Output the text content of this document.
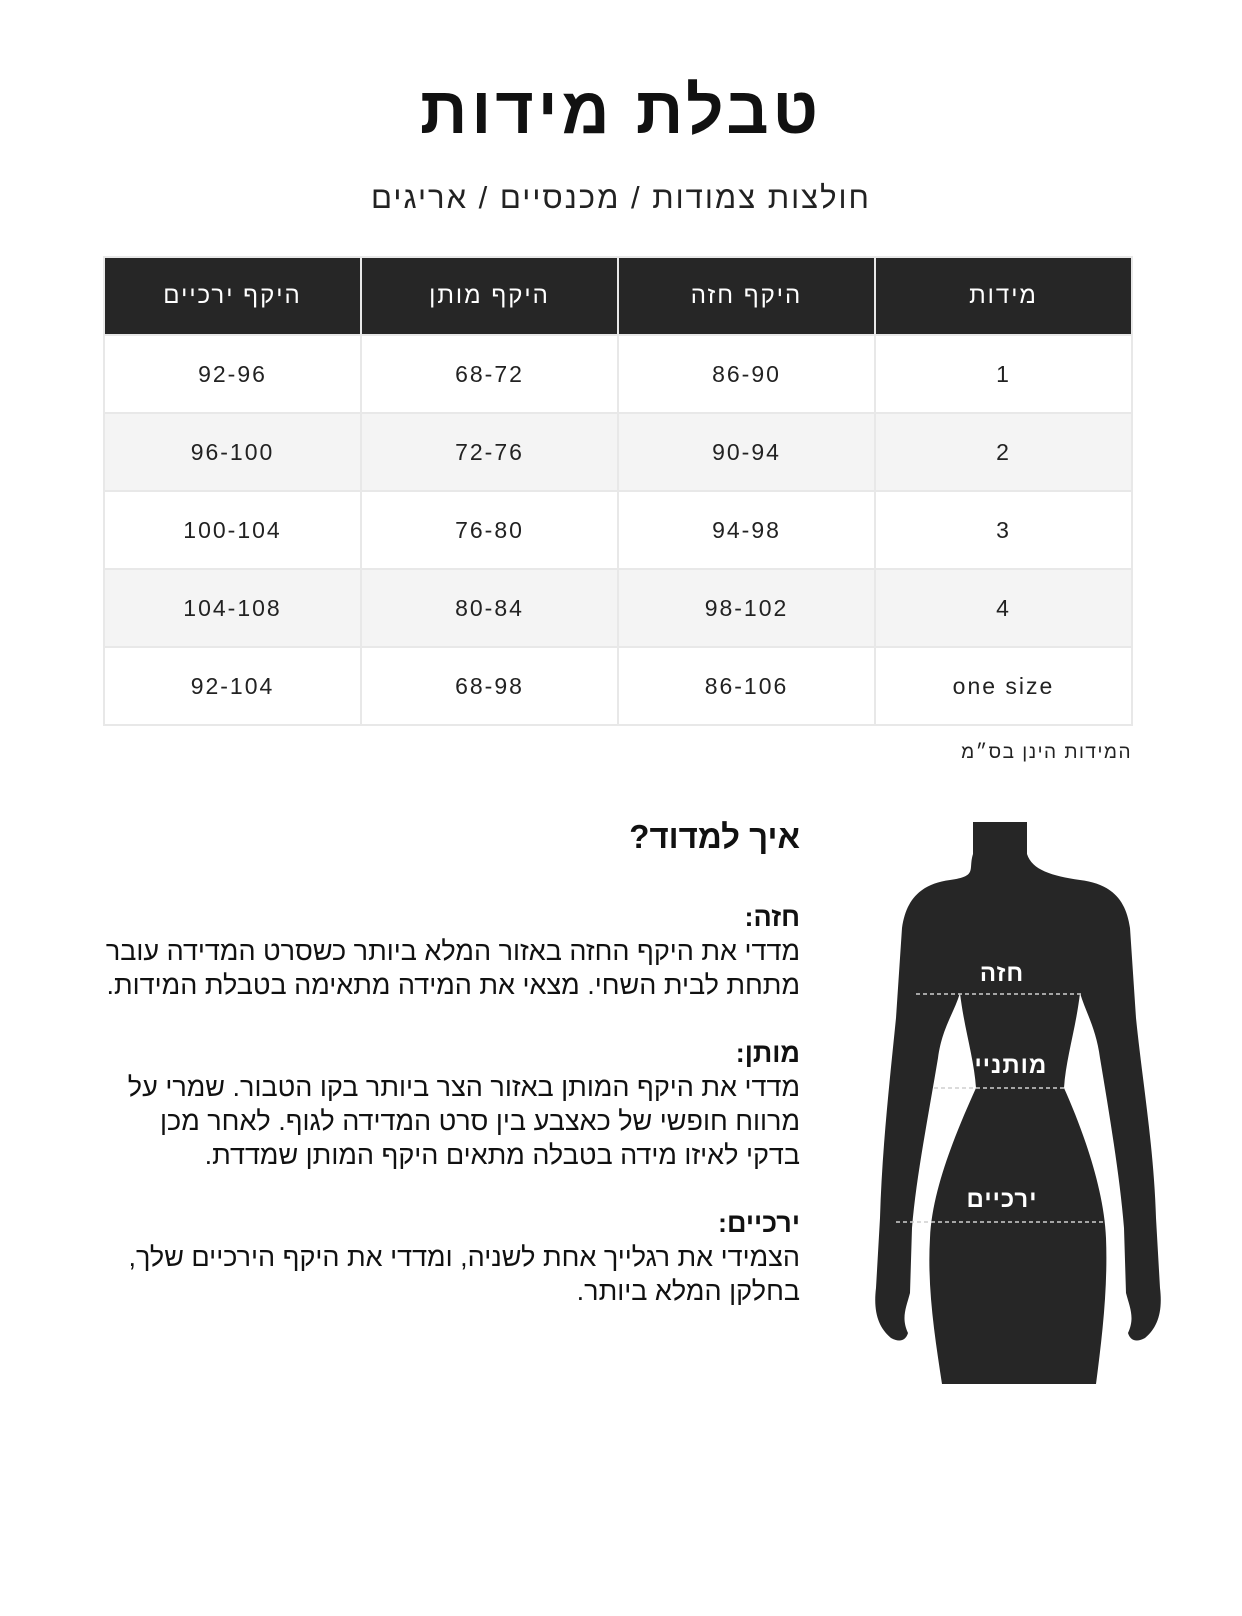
טבלת מידות
חולצות צמודות / מכנסיים / אריגים
מידות	היקף חזה	היקף מותן	היקף ירכיים
1	86-90	68-72	92-96
2	90-94	72-76	96-100
3	94-98	76-80	100-104
4	98-102	80-84	104-108
one size	86-106	68-98	92-104
המידות הינן בס״מ
איך למדוד?
חזה:

מדדי את היקף החזה באזור המלא ביותר כשסרט המדידה עובר מתחת לבית השחי. מצאי את המידה מתאימה בטבלת המידות.

מותן:

מדדי את היקף המותן באזור הצר ביותר בקו הטבור. שמרי על מרווח חופשי של כאצבע בין סרט המדידה לגוף. לאחר מכן בדקי לאיזו מידה בטבלה מתאים היקף המותן שמדדת.

ירכיים:

הצמידי את רגלייך אחת לשניה, ומדדי את היקף הירכיים שלך, בחלקן המלא ביותר.

חזה
מותניים
ירכיים
